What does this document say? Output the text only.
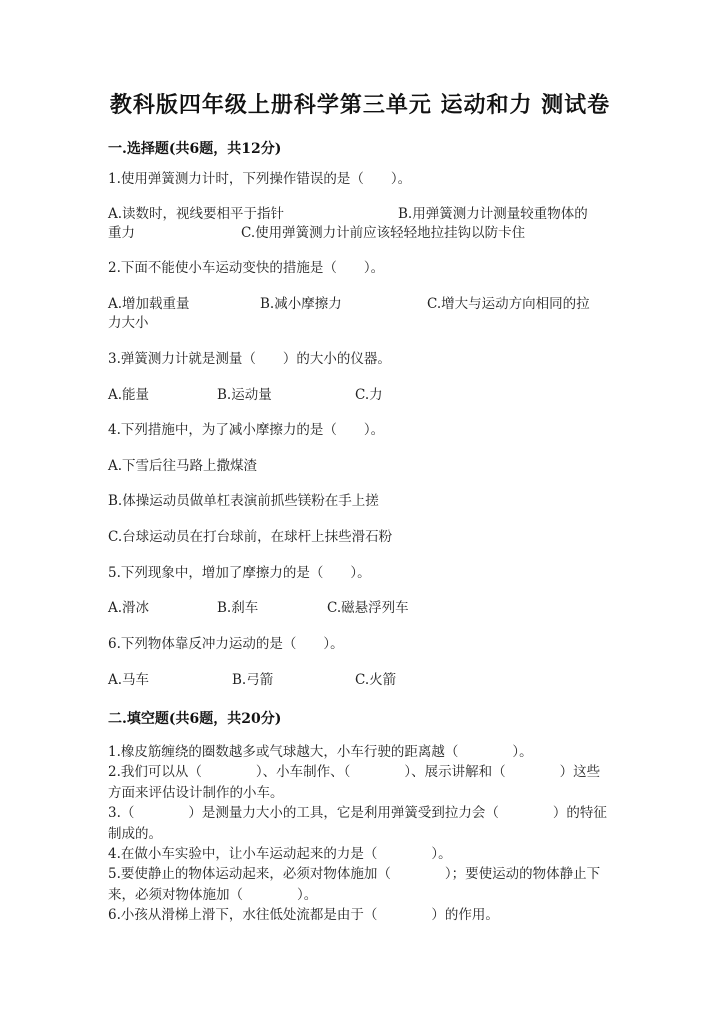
教科版四年级上册科学第三单元 运动和力 测试卷
一.选择题(共6题，共12分)
1.使用弹簧测力计时，下列操作错误的是（　　）。
A.读数时，视线要相平于指针	B.用弹簧测力计测量较重物体的
重力	C.使用弹簧测力计前应该轻轻地拉挂钩以防卡住
2.下面不能使小车运动变快的措施是（　　）。
A.增加载重量	B.减小摩擦力	C.增大与运动方向相同的拉
力大小
3.弹簧测力计就是测量（　　）的大小的仪器。
A.能量	B.运动量	C.力
4.下列措施中，为了减小摩擦力的是（　　）。
A.下雪后往马路上撒煤渣
B.体操运动员做单杠表演前抓些镁粉在手上搓
C.台球运动员在打台球前，在球杆上抹些滑石粉
5.下列现象中，增加了摩擦力的是（　　）。
A.滑冰	B.刹车	C.磁悬浮列车
6.下列物体靠反冲力运动的是（　　）。
A.马车	B.弓箭	C.火箭
二.填空题(共6题，共20分)
1.橡皮筋缠绕的圈数越多或气球越大，小车行驶的距离越（　　　　）。
2.我们可以从（　　　　）、小车制作、（　　　　）、展示讲解和（　　　　）这些方面来评估设计制作的小车。
3.（　　　　）是测量力大小的工具，它是利用弹簧受到拉力会（　　　　）的特征制成的。
4.在做小车实验中，让小车运动起来的力是（　　　　）。
5.要使静止的物体运动起来，必须对物体施加（　　　　）；要使运动的物体静止下来，必须对物体施加（　　　　）。
6.小孩从滑梯上滑下，水往低处流都是由于（　　　　）的作用。
